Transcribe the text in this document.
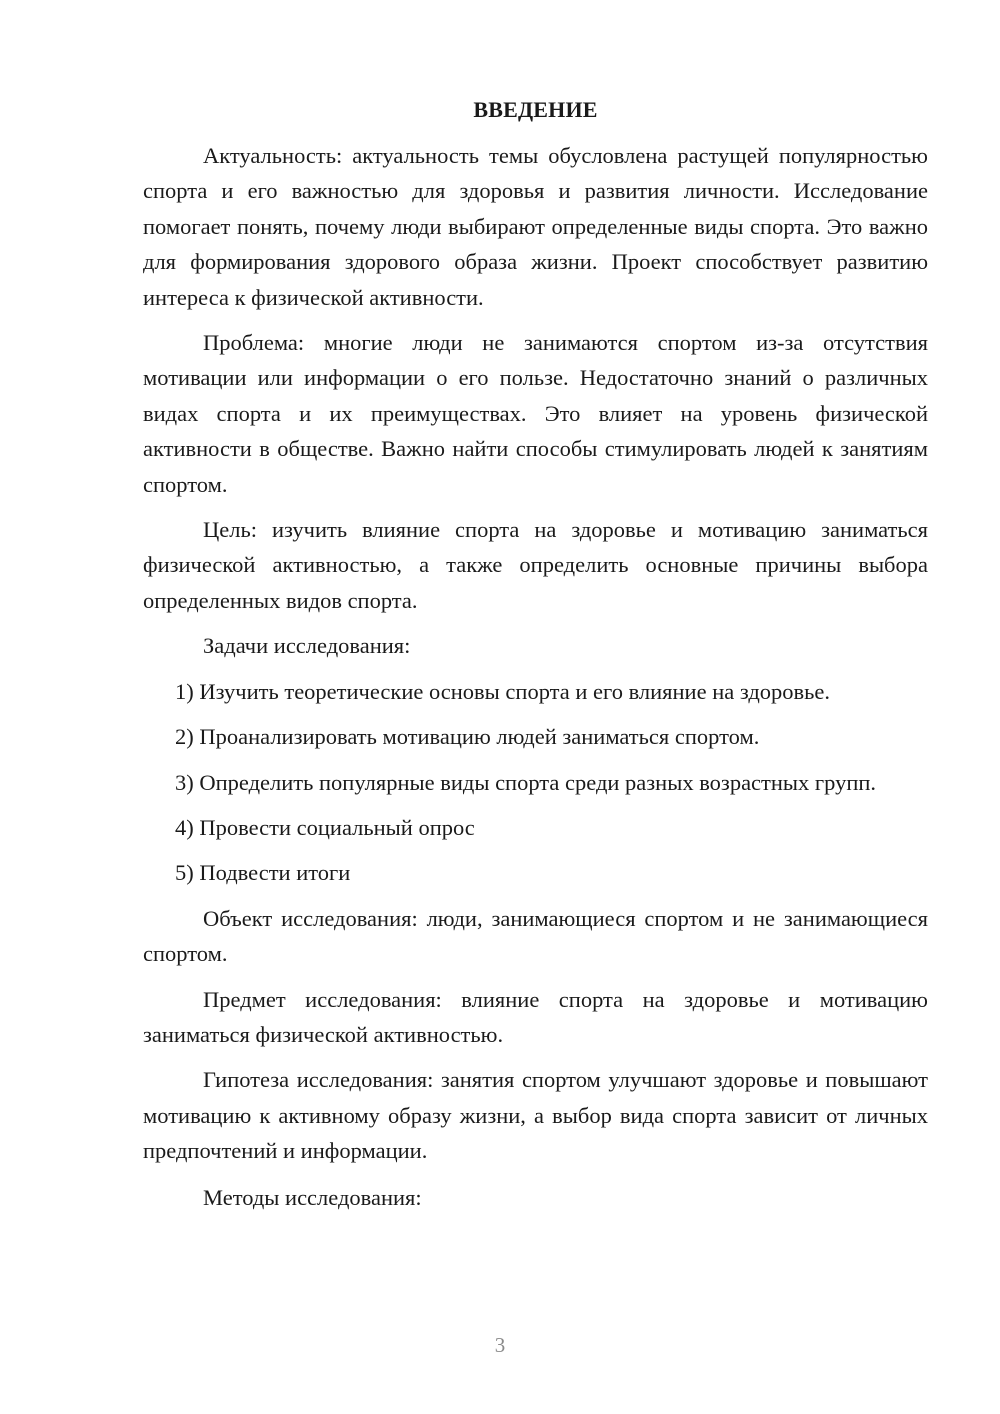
ВВЕДЕНИЕ

Актуальность: актуальность темы обусловлена растущей популярностью спорта и его важностью для здоровья и развития личности. Исследование помогает понять, почему люди выбирают определенные виды спорта. Это важно для формирования здорового образа жизни. Проект способствует развитию интереса к физической активности.

Проблема: многие люди не занимаются спортом из-за отсутствия мотивации или информации о его пользе. Недостаточно знаний о различных видах спорта и их преимуществах. Это влияет на уровень физической активности в обществе. Важно найти способы стимулировать людей к занятиям спортом.

Цель: изучить влияние спорта на здоровье и мотивацию заниматься физической активностью, а также определить основные причины выбора определенных видов спорта.

Задачи исследования:

1) Изучить теоретические основы спорта и его влияние на здоровье.

2) Проанализировать мотивацию людей заниматься спортом.

3) Определить популярные виды спорта среди разных возрастных групп.

4) Провести социальный опрос

5) Подвести итоги

Объект исследования: люди, занимающиеся спортом и не занимающиеся спортом.

Предмет исследования: влияние спорта на здоровье и мотивацию заниматься физической активностью.

Гипотеза исследования: занятия спортом улучшают здоровье и повышают мотивацию к активному образу жизни, а выбор вида спорта зависит от личных предпочтений и информации.

Методы исследования:

3
